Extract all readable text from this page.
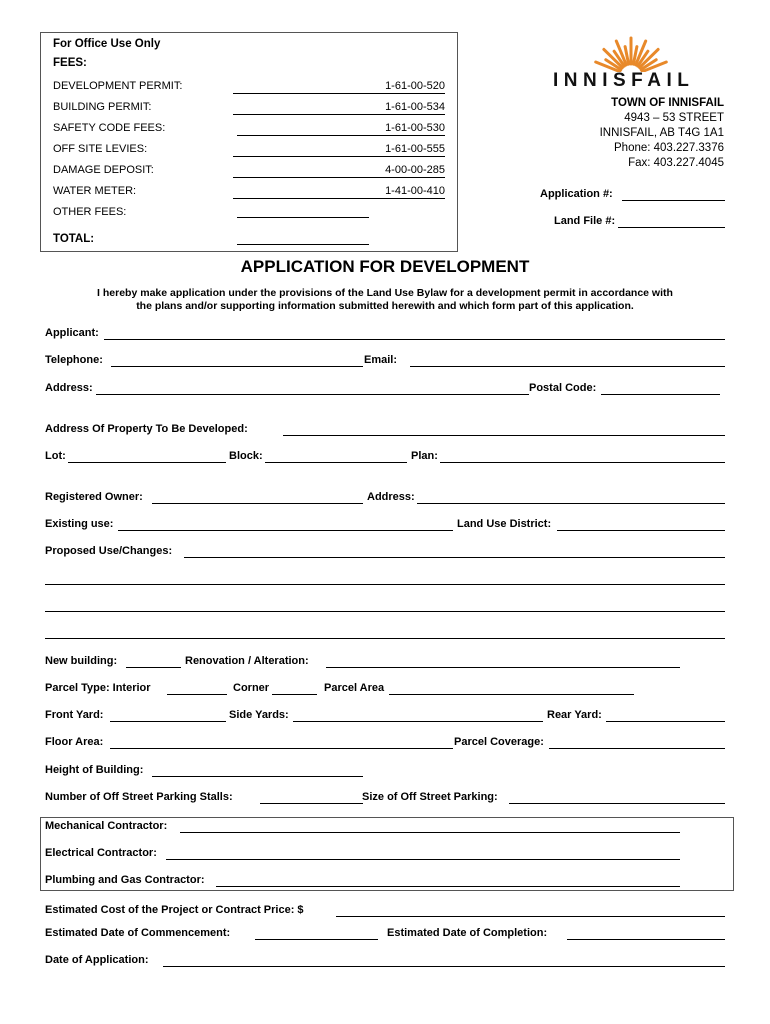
For Office Use Only
FEES:
DEVELOPMENT PERMIT:	1-61-00-520
BUILDING PERMIT:	1-61-00-534
SAFETY CODE FEES:	1-61-00-530
OFF SITE LEVIES:	1-61-00-555
DAMAGE DEPOSIT:	4-00-00-285
WATER METER:	1-41-00-410
OTHER FEES:
TOTAL:
INNISFAIL
TOWN OF INNISFAIL
4943 – 53 STREET
INNISFAIL, AB T4G 1A1
Phone: 403.227.3376
Fax: 403.227.4045
Application #:
Land File #:
APPLICATION FOR DEVELOPMENT
I hereby make application under the provisions of the Land Use Bylaw for a development permit in accordance with
the plans and/or supporting information submitted herewith and which form part of this application.
Applicant:
Telephone:	Email:
Address:	Postal Code:
Address Of Property To Be Developed:
Lot:	Block:	Plan:
Registered Owner:	Address:
Existing use:	Land Use District:
Proposed Use/Changes:
New building:	Renovation / Alteration:
Parcel Type: Interior	Corner	Parcel Area
Front Yard:	Side Yards:	Rear Yard:
Floor Area:	Parcel Coverage:
Height of Building:
Number of Off Street Parking Stalls:	Size of Off Street Parking:
Mechanical Contractor:
Electrical Contractor:
Plumbing and Gas Contractor:
Estimated Cost of the Project or Contract Price: $
Estimated Date of Commencement:	Estimated Date of Completion:
Date of Application:
